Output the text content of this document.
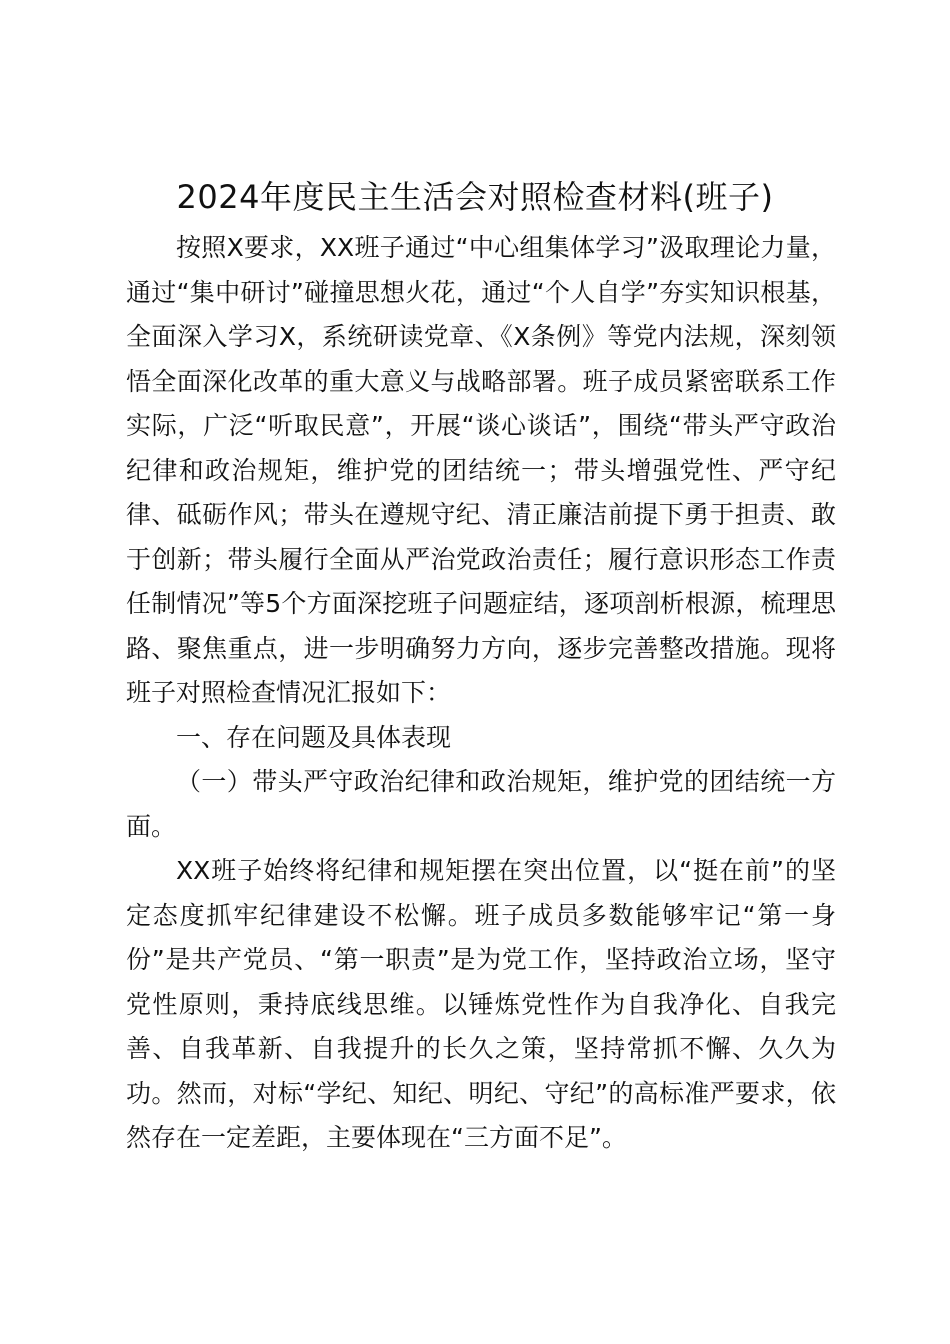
2024年度民主生活会对照检查材料(班子)

按照X要求，XX班子通过“中心组集体学习”汲取理论力量，通过“集中研讨”碰撞思想火花，通过“个人自学”夯实知识根基，全面深入学习X，系统研读党章、《X条例》等党内法规，深刻领悟全面深化改革的重大意义与战略部署。班子成员紧密联系工作实际，广泛“听取民意”，开展“谈心谈话”，围绕“带头严守政治纪律和政治规矩，维护党的团结统一；带头增强党性、严守纪律、砥砺作风；带头在遵规守纪、清正廉洁前提下勇于担责、敢于创新；带头履行全面从严治党政治责任；履行意识形态工作责任制情况”等5个方面深挖班子问题症结，逐项剖析根源，梳理思路、聚焦重点，进一步明确努力方向，逐步完善整改措施。现将班子对照检查情况汇报如下：

一、存在问题及具体表现

（一）带头严守政治纪律和政治规矩，维护党的团结统一方面。

XX班子始终将纪律和规矩摆在突出位置，以“挺在前”的坚定态度抓牢纪律建设不松懈。班子成员多数能够牢记“第一身份”是共产党员、“第一职责”是为党工作，坚持政治立场，坚守党性原则，秉持底线思维。以锤炼党性作为自我净化、自我完善、自我革新、自我提升的长久之策，坚持常抓不懈、久久为功。然而，对标“学纪、知纪、明纪、守纪”的高标准严要求，依然存在一定差距，主要体现在“三方面不足”。
